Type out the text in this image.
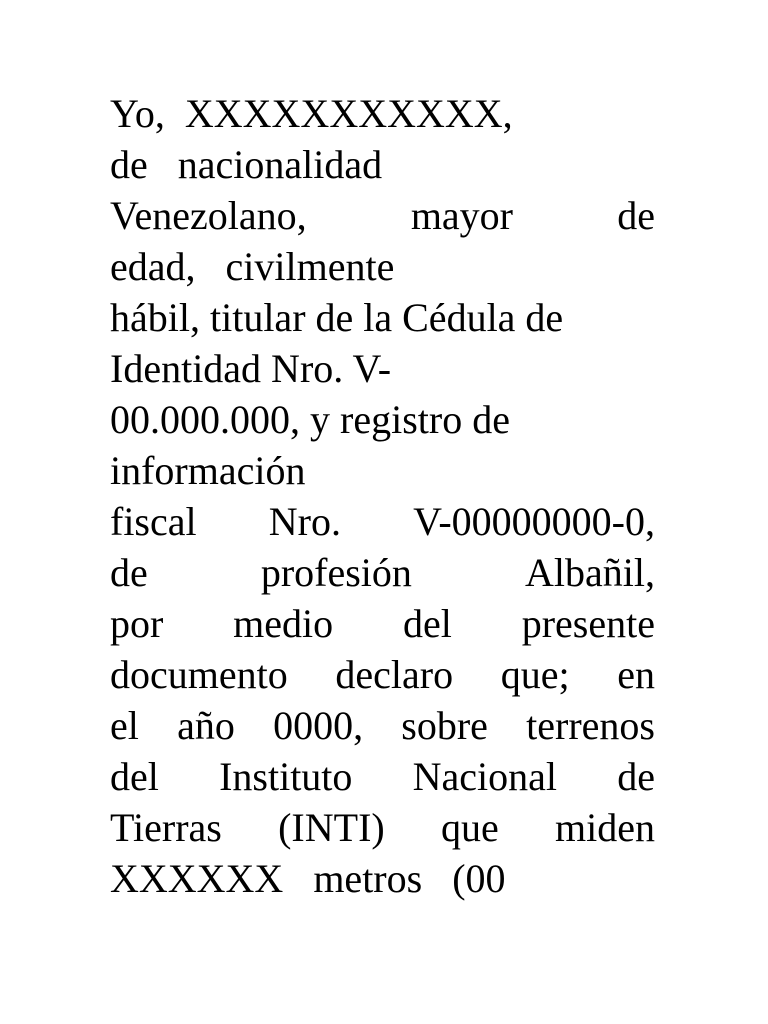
Yo,  XXXXXXXXXXX,
de   nacionalidad
Venezolano,	mayor	de
edad,   civilmente
hábil, titular de la Cédula de
Identidad Nro. V-
00.000.000, y registro de
información
fiscal Nro. V-00000000-0,
de	profesión	Albañil,
por medio del presente
documento declaro que; en
el año 0000, sobre terrenos
del Instituto Nacional de
Tierras (INTI) que miden
XXXXXX   metros   (00
